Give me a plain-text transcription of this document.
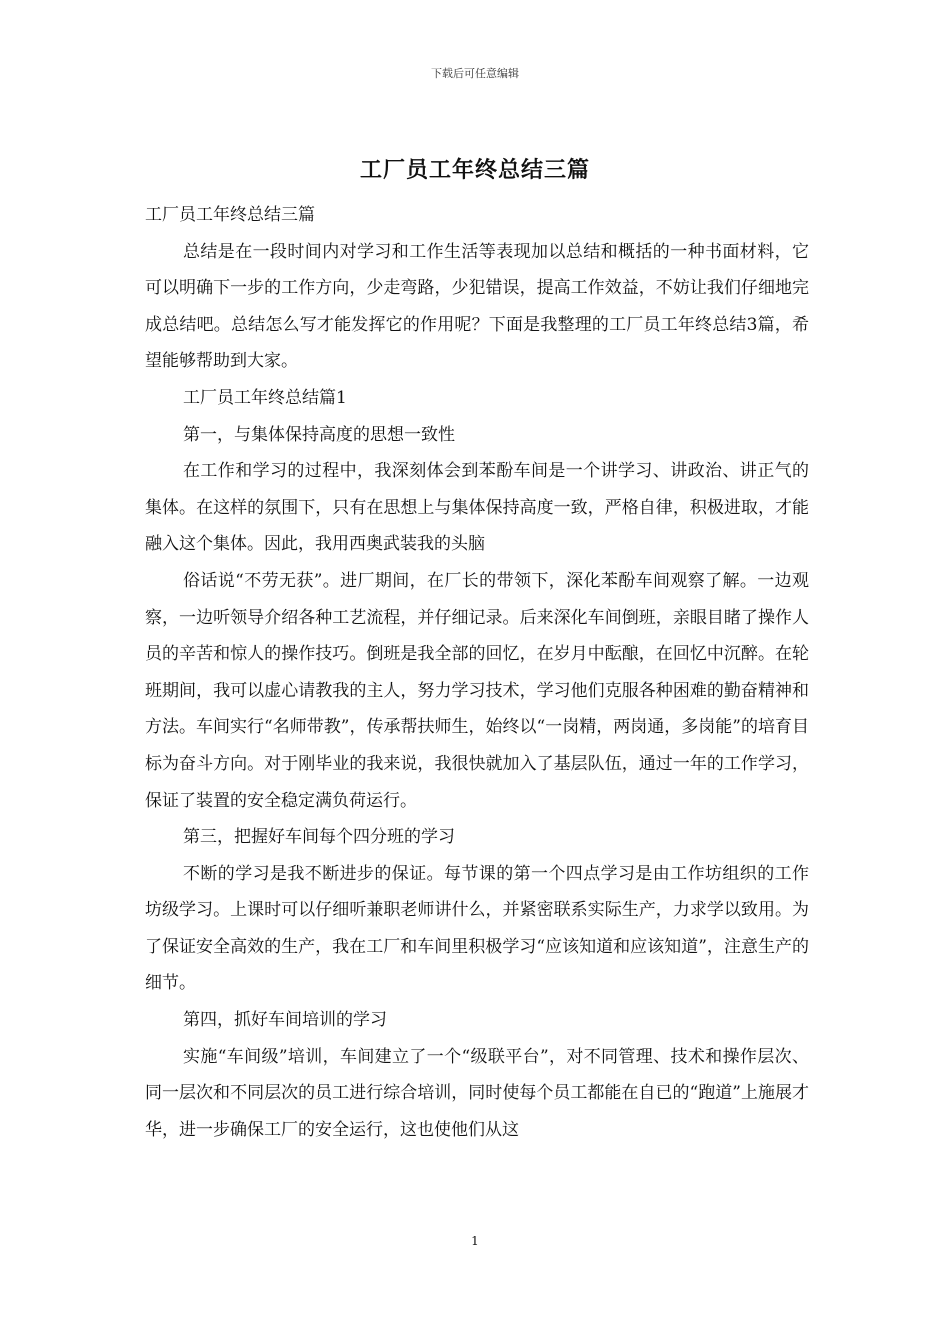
下载后可任意编辑
工厂员工年终总结三篇

工厂员工年终总结三篇

总结是在一段时间内对学习和工作生活等表现加以总结和概括的一种书面材料，它可以明确下一步的工作方向，少走弯路，少犯错误，提高工作效益，不妨让我们仔细地完成总结吧。总结怎么写才能发挥它的作用呢？下面是我整理的工厂员工年终总结3篇，希望能够帮助到大家。

工厂员工年终总结篇1

第一，与集体保持高度的思想一致性

在工作和学习的过程中，我深刻体会到苯酚车间是一个讲学习、讲政治、讲正气的集体。在这样的氛围下，只有在思想上与集体保持高度一致，严格自律，积极进取，才能融入这个集体。因此，我用西奥武装我的头脑

俗话说“不劳无获”。进厂期间，在厂长的带领下，深化苯酚车间观察了解。一边观察，一边听领导介绍各种工艺流程，并仔细记录。后来深化车间倒班，亲眼目睹了操作人员的辛苦和惊人的操作技巧。倒班是我全部的回忆，在岁月中酝酿，在回忆中沉醉。在轮班期间，我可以虚心请教我的主人，努力学习技术，学习他们克服各种困难的勤奋精神和方法。车间实行“名师带教”，传承帮扶师生，始终以“一岗精，两岗通，多岗能”的培育目标为奋斗方向。对于刚毕业的我来说，我很快就加入了基层队伍，通过一年的工作学习，保证了装置的安全稳定满负荷运行。

第三，把握好车间每个四分班的学习

不断的学习是我不断进步的保证。每节课的第一个四点学习是由工作坊组织的工作坊级学习。上课时可以仔细听兼职老师讲什么，并紧密联系实际生产，力求学以致用。为了保证安全高效的生产，我在工厂和车间里积极学习“应该知道和应该知道”，注意生产的细节。

第四，抓好车间培训的学习

实施“车间级”培训，车间建立了一个“级联平台”，对不同管理、技术和操作层次、同一层次和不同层次的员工进行综合培训，同时使每个员工都能在自已的“跑道”上施展才华，进一步确保工厂的安全运行，这也使他们从这

1
